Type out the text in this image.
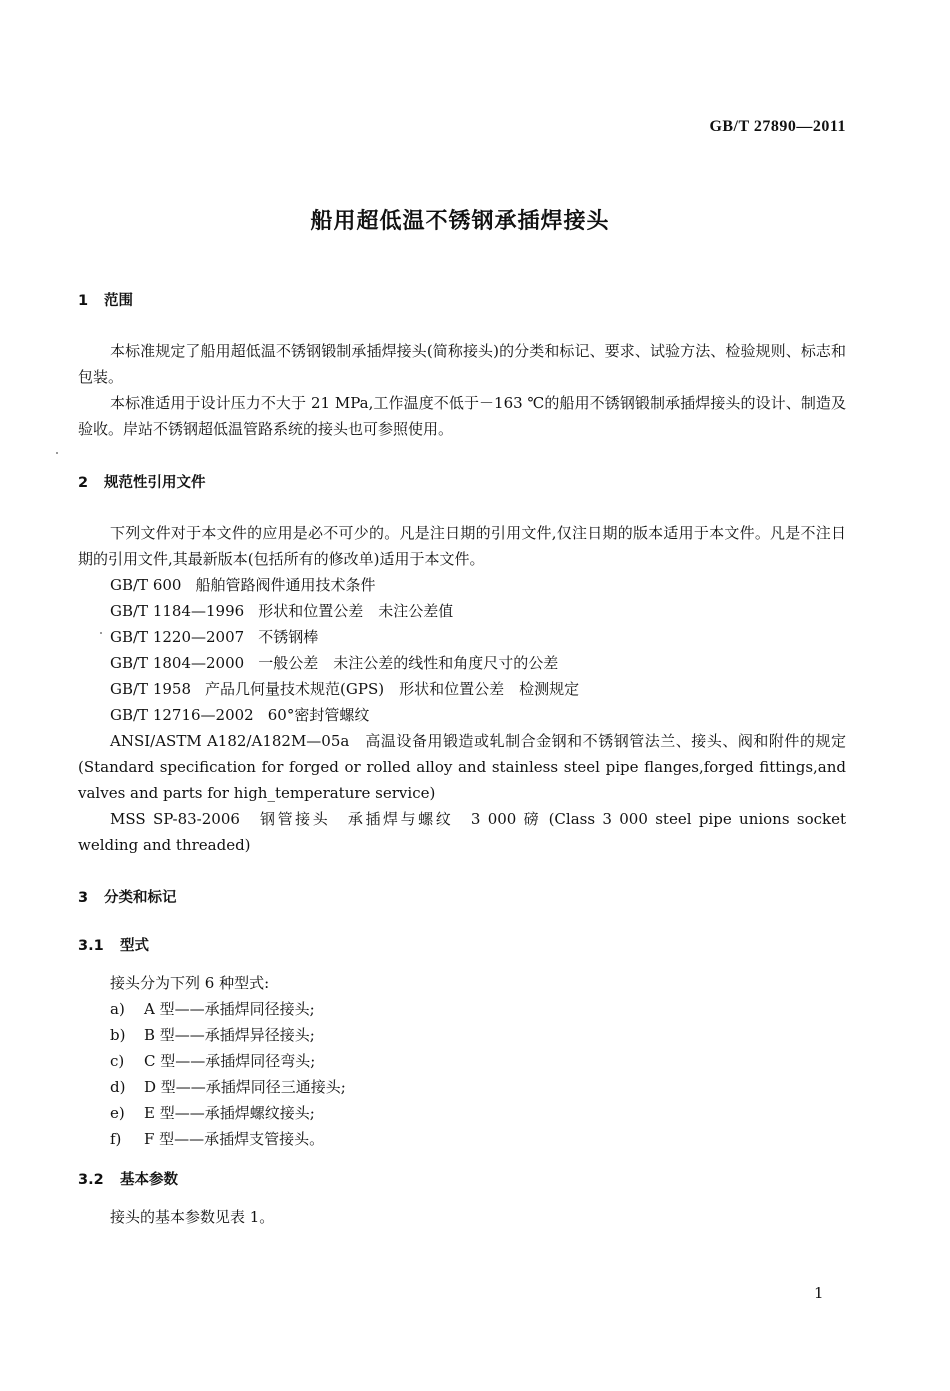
GB/T 27890—2011
船用超低温不锈钢承插焊接头
1 范围
本标准规定了船用超低温不锈钢锻制承插焊接头(简称接头)的分类和标记、要求、试验方法、检验规则、标志和包装。
本标准适用于设计压力不大于 21 MPa,工作温度不低于－163 ℃的船用不锈钢锻制承插焊接头的设计、制造及验收。岸站不锈钢超低温管路系统的接头也可参照使用。
2 规范性引用文件
下列文件对于本文件的应用是必不可少的。凡是注日期的引用文件,仅注日期的版本适用于本文件。凡是不注日期的引用文件,其最新版本(包括所有的修改单)适用于本文件。
GB/T 600 船舶管路阀件通用技术条件
GB/T 1184—1996 形状和位置公差　未注公差值
GB/T 1220—2007 不锈钢棒
GB/T 1804—2000 一般公差　未注公差的线性和角度尺寸的公差
GB/T 1958 产品几何量技术规范(GPS)　形状和位置公差　检测规定
GB/T 12716—2002 60°密封管螺纹
ANSI/ASTM A182/A182M—05a　高温设备用锻造或轧制合金钢和不锈钢管法兰、接头、阀和附件的规定(Standard specification for forged or rolled alloy and stainless steel pipe flanges,forged fittings,and valves and parts for high_temperature service)
MSS SP-83-2006　钢管接头　承插焊与螺纹　3 000 磅 (Class 3 000 steel pipe unions socket welding and threaded)
3 分类和标记
3.1 型式
接头分为下列 6 种型式:
a) A 型——承插焊同径接头;
b) B 型——承插焊异径接头;
c) C 型——承插焊同径弯头;
d) D 型——承插焊同径三通接头;
e) E 型——承插焊螺纹接头;
f) F 型——承插焊支管接头。
3.2 基本参数
接头的基本参数见表 1。
1
